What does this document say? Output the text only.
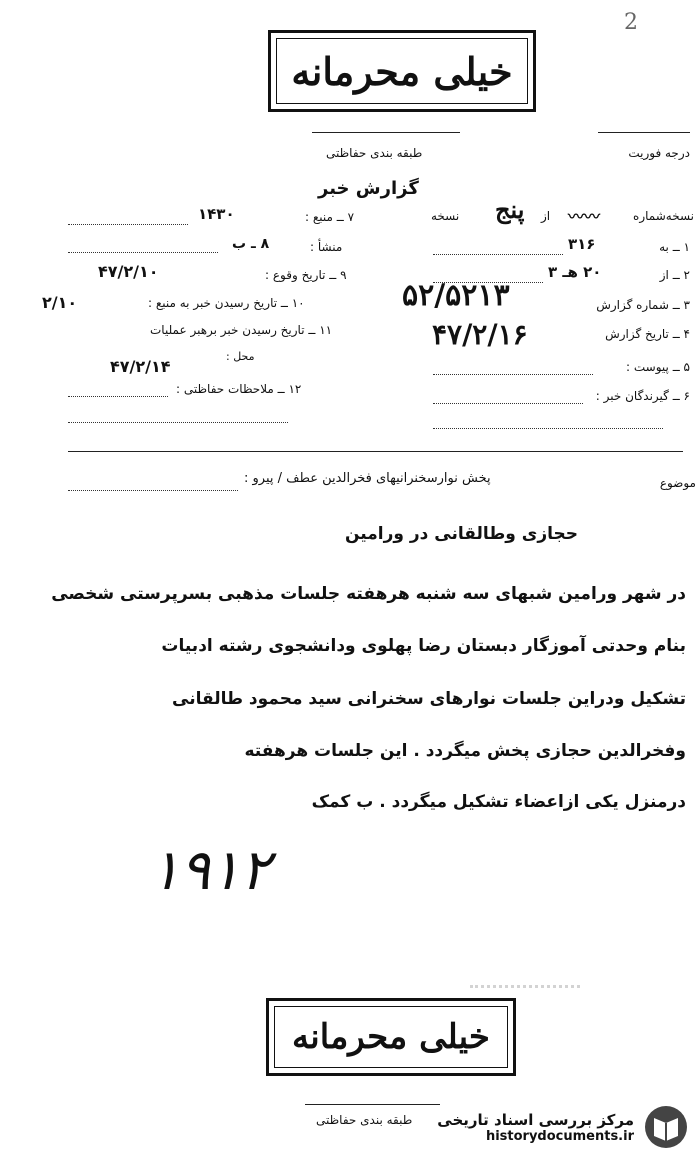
2
خیلی محرمانه
طبقه بندی حفاظتی	درجه فوریت
گزارش خبر
نسخه‌شماره
〰〰
از
پنج
نسخه
۱ ــ به
۳۱۶
۲ ــ از
۲۰ هـ ۳
۳ ــ شماره گزارش
۵۲/۵۲۱۳
۴ ــ تاریخ گزارش
۴۷/۲/۱۶
۵ ــ پیوست :
۶ ــ گیرندگان خبر :
۱۴۳۰	۷ ــ منبع :
۸ ـ ب	منشأ :
۴۷/۲/۱۰	۹ ــ تاریخ وقوع :
۲/۱۰	۱۰ ــ تاریخ رسیدن خبر به منبع :
۱۱ ــ تاریخ رسیدن خبر برهبر عملیات
محل :
۴۷/۲/۱۴
۱۲ ــ ملاحظات حفاظتی :
موضوع
پخش نوارسخنرانیهای فخرالدین عطف / پیرو :
حجازی وطالقانی در ورامین
در شهر ورامین شبهای سه شنبه هرهفته جلسات مذهبی بسرپرستی شخصی
بنام وحدتی آموزگار دبستان رضا پهلوی ودانشجوی رشته ادبیات
تشکیل ودراین جلسات نوارهای سخنرانی سید محمود طالقانی
وفخرالدین حجازی پخش میگردد . این جلسات هرهفته
درمنزل یکی ازاعضاء تشکیل میگردد . ب کمک
۱۹۱۲
خیلی محرمانه
طبقه بندی حفاظتی مرکز بررسی اسناد تاریخی
historydocuments.ir
